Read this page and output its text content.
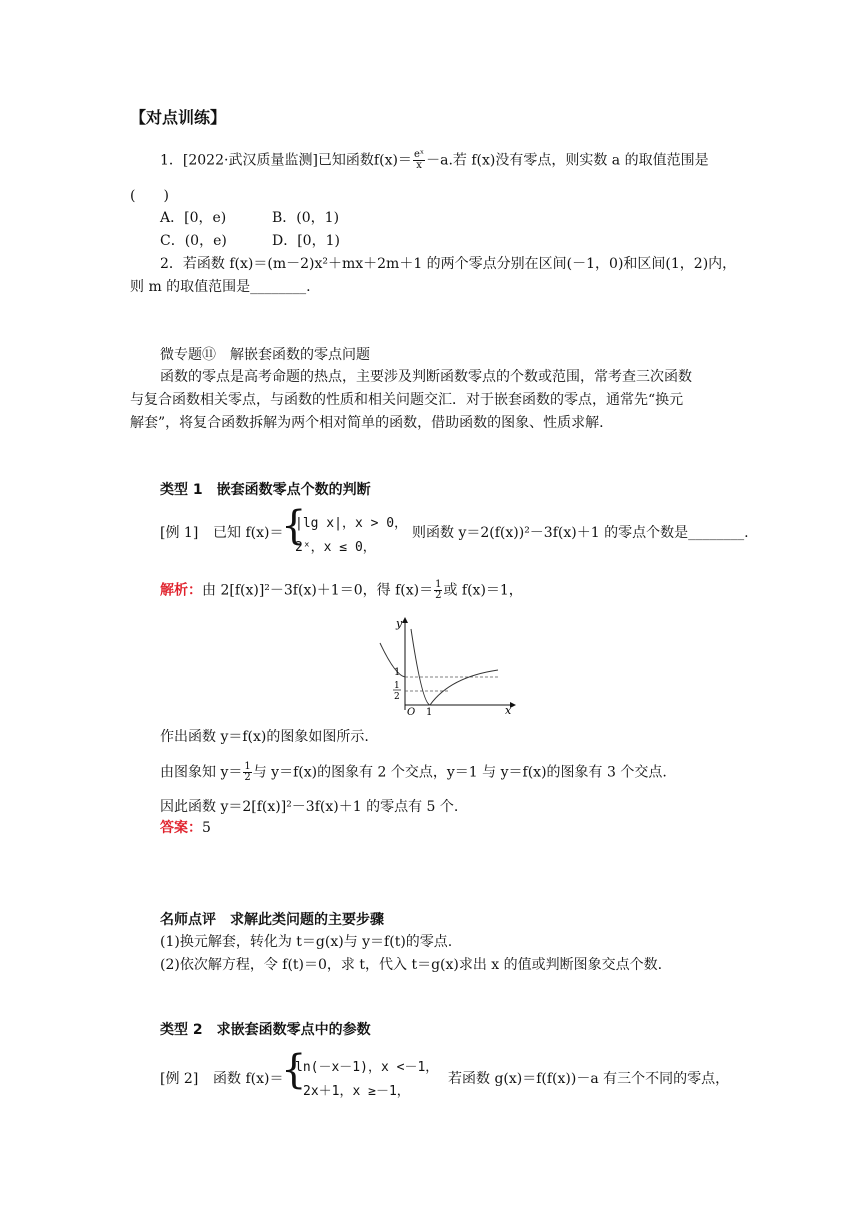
【对点训练】
1．[2022·武汉质量监测]已知函数$f(x)= \frac{\text{eˣ}}{x} -a$.若 f(x)没有零点，则实数 a 的取值范围是
(　　)
A．[0，e)	B．(0，1)
C．(0，e)	D．[0，1)
2．若函数 f(x)＝(m－2)x²＋mx＋2m＋1 的两个零点分别在区间(－1，0)和区间(1，2)内，
则 m 的取值范围是________.
微专题⑪　解嵌套函数的零点问题
函数的零点是高考命题的热点，主要涉及判断函数零点的个数或范围，常考查三次函数
与复合函数相关零点，与函数的性质和相关问题交汇．对于嵌套函数的零点，通常先“换元
解套”，将复合函数拆解为两个相对简单的函数，借助函数的图象、性质求解.
类型 1　嵌套函数零点个数的判断
[例 1] 已知 f(x)＝
{
|lg x|，x > 0，
2ˣ，x ≤ 0，
则函数 y＝2(f(x))²－3f(x)＋1 的零点个数是________.
解析：由 2[f(x)]²－3f(x)＋1＝0，得 $f(x)= \frac{1}{2}$ 或 f(x)＝1，
y
x
O 1
1
1
2
作出函数 y＝f(x)的图象如图所示.
由图象知 $y= \frac{1}{2}$ 与 y＝f(x)的图象有 2 个交点，y＝1 与 y＝f(x)的图象有 3 个交点.
因此函数 y＝2[f(x)]²－3f(x)＋1 的零点有 5 个.
答案：5
名师点评　求解此类问题的主要步骤
(1)换元解套，转化为 t＝g(x)与 y＝f(t)的零点.
(2)依次解方程，令 f(t)＝0，求 t，代入 t＝g(x)求出 x 的值或判断图象交点个数.
类型 2　求嵌套函数零点中的参数
[例 2] 函数 f(x)＝
{
ln(－x－1)，x <－1，
2x＋1，x ≥－1，
若函数 g(x)＝f(f(x))－a 有三个不同的零点，
